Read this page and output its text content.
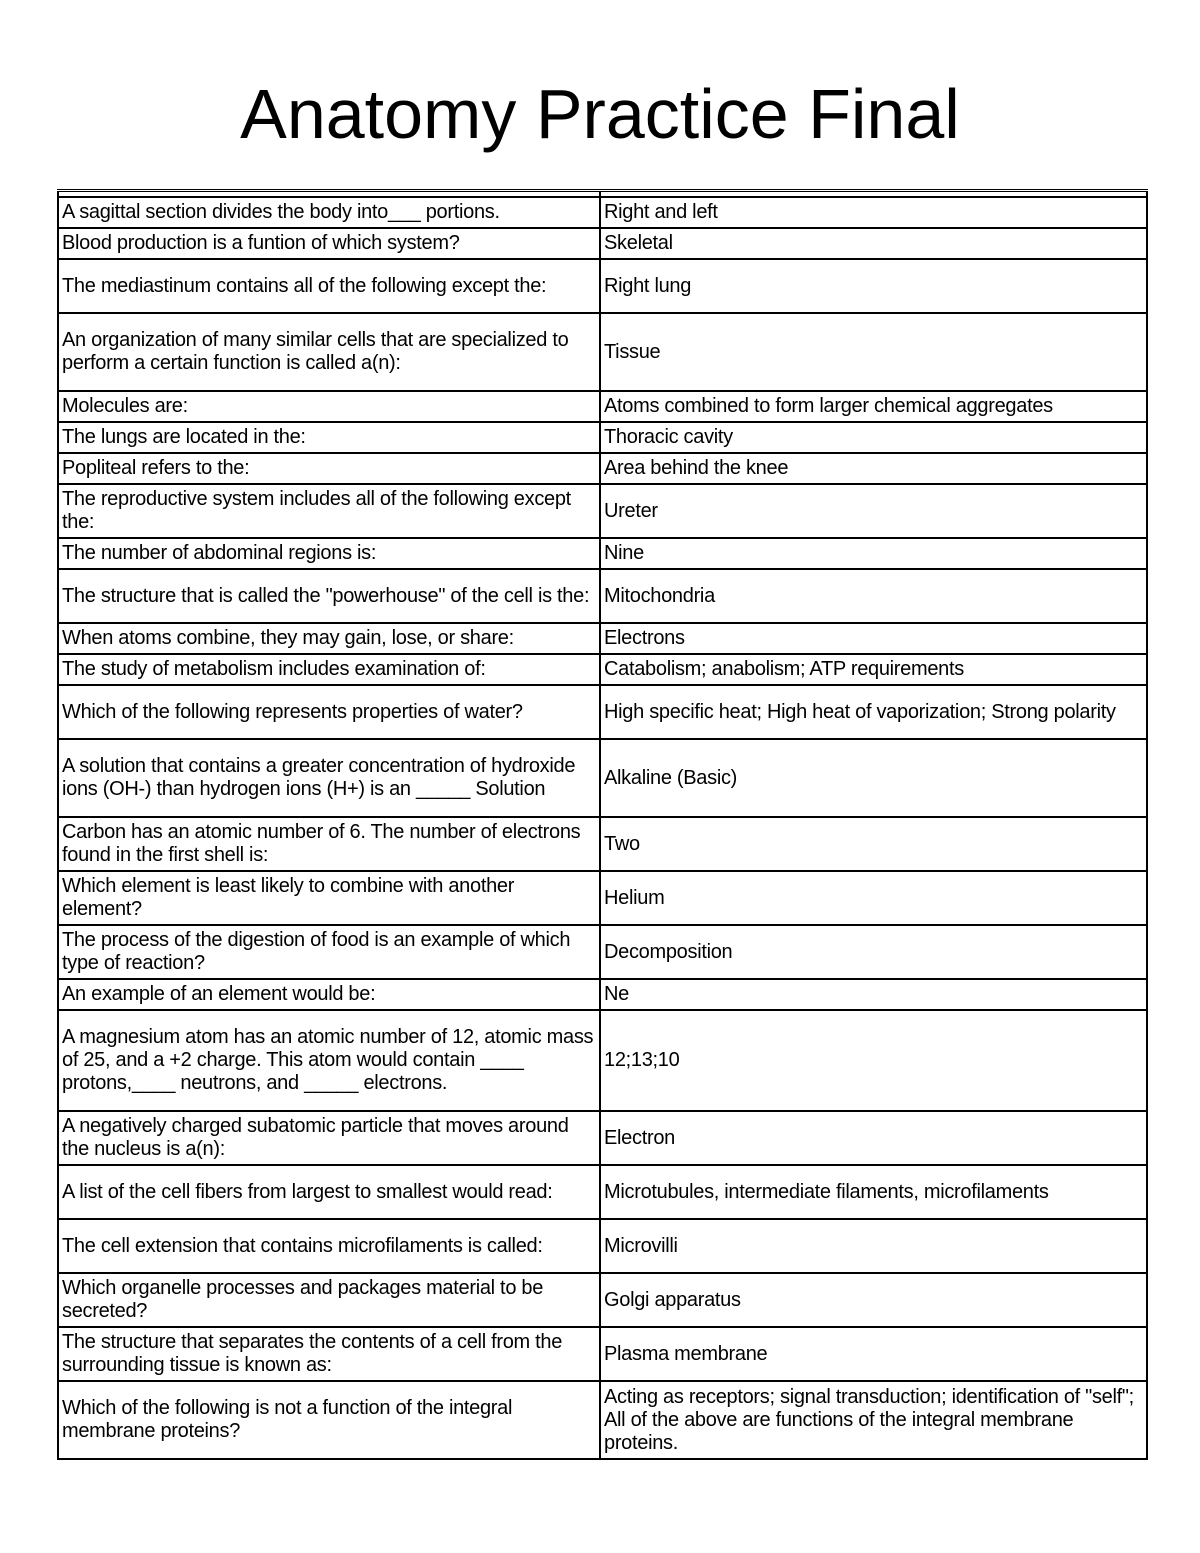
Anatomy Practice Final

A sagittal section divides the body into___ portions.	Right and left
Blood production is a funtion of which system?	Skeletal
The mediastinum contains all of the following except the:	Right lung
An organization of many similar cells that are specialized to perform a certain function is called a(n):	Tissue
Molecules are:	Atoms combined to form larger chemical aggregates
The lungs are located in the:	Thoracic cavity
Popliteal refers to the:	Area behind the knee
The reproductive system includes all of the following except the:	Ureter
The number of abdominal regions is:	Nine
The structure that is called the "powerhouse" of the cell is the:	Mitochondria
When atoms combine, they may gain, lose, or share:	Electrons
The study of metabolism includes examination of:	Catabolism; anabolism; ATP requirements
Which of the following represents properties of water?	High specific heat; High heat of vaporization; Strong polarity
A solution that contains a greater concentration of hydroxide ions (OH-) than hydrogen ions (H+) is an _____ Solution	Alkaline (Basic)
Carbon has an atomic number of 6. The number of electrons found in the first shell is:	Two
Which element is least likely to combine with another element?	Helium
The process of the digestion of food is an example of which type of reaction?	Decomposition
An example of an element would be:	Ne
A magnesium atom has an atomic number of 12, atomic mass of 25, and a +2 charge. This atom would contain ____ protons,____ neutrons, and _____ electrons.	12;13;10
A negatively charged subatomic particle that moves around the nucleus is a(n):	Electron
A list of the cell fibers from largest to smallest would read:	Microtubules, intermediate filaments, microfilaments
The cell extension that contains microfilaments is called:	Microvilli
Which organelle processes and packages material to be secreted?	Golgi apparatus
The structure that separates the contents of a cell from the surrounding tissue is known as:	Plasma membrane
Which of the following is not a function of the integral membrane proteins?	Acting as receptors; signal transduction; identification of "self"; All of the above are functions of the integral membrane proteins.
